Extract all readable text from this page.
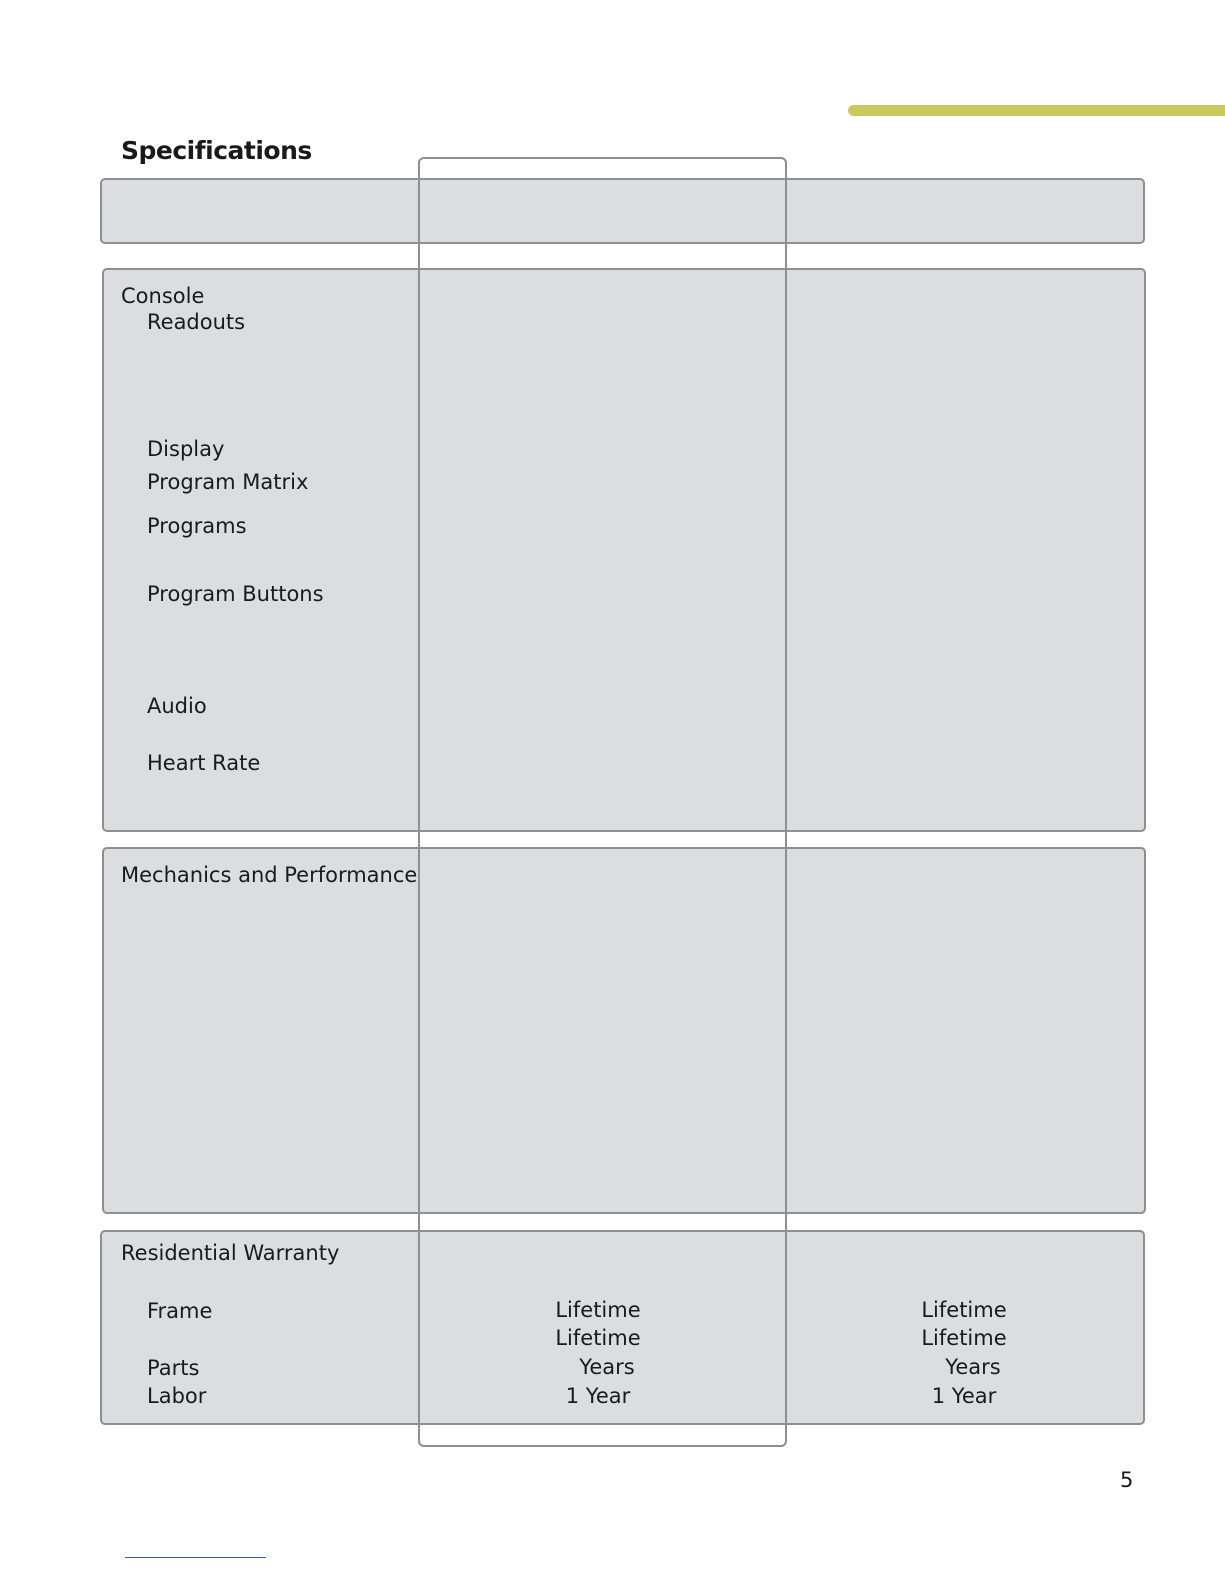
Specifications
Console
Readouts
Display
Program Matrix
Programs
Program Buttons
Audio
Heart Rate
Mechanics and Performance
Residential Warranty
Frame
Parts
Labor
Lifetime
Lifetime
Years
1 Year
Lifetime
Lifetime
Years
1 Year
5
